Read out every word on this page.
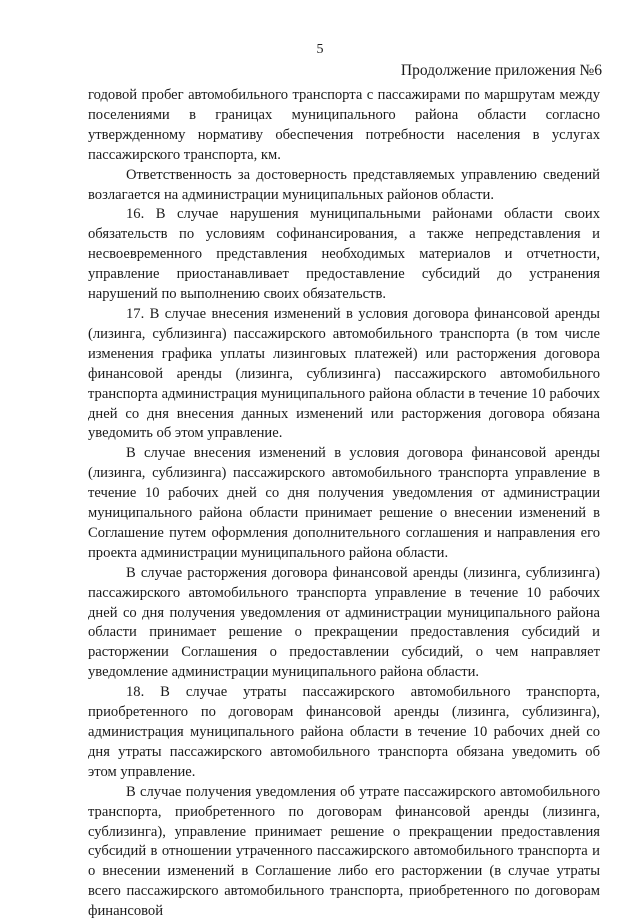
5
Продолжение приложения №6

годовой пробег автомобильного транспорта с пассажирами по маршрутам между поселениями в границах муниципального района области согласно утвержденному нормативу обеспечения потребности населения в услугах пассажирского транспорта, км.

Ответственность за достоверность представляемых управлению сведений возлагается на администрации муниципальных районов области.

16. В случае нарушения муниципальными районами области своих обязательств по условиям софинансирования, а также непредставления и несвоевременного представления необходимых материалов и отчетности, управление приостанавливает предоставление субсидий до устранения нарушений по выполнению своих обязательств.

17. В случае внесения изменений в условия договора финансовой аренды (лизинга, сублизинга) пассажирского автомобильного транспорта (в том числе изменения графика уплаты лизинговых платежей) или расторжения договора финансовой аренды (лизинга, сублизинга) пассажирского автомобильного транспорта администрация муниципального района области в течение 10 рабочих дней со дня внесения данных изменений или расторжения договора обязана уведомить об этом управление.

В случае внесения изменений в условия договора финансовой аренды (лизинга, сублизинга) пассажирского автомобильного транспорта управление в течение 10 рабочих дней со дня получения уведомления от администрации муниципального района области принимает решение о внесении изменений в Соглашение путем оформления дополнительного соглашения и направления его проекта администрации муниципального района области.

В случае расторжения договора финансовой аренды (лизинга, сублизинга) пассажирского автомобильного транспорта управление в течение 10 рабочих дней со дня получения уведомления от администрации муниципального района области принимает решение о прекращении предоставления субсидий и расторжении Соглашения о предоставлении субсидий, о чем направляет уведомление администрации муниципального района области.

18. В случае утраты пассажирского автомобильного транспорта, приобретенного по договорам финансовой аренды (лизинга, сублизинга), администрация муниципального района области в течение 10 рабочих дней со дня утраты пассажирского автомобильного транспорта обязана уведомить об этом управление.

В случае получения уведомления об утрате пассажирского автомобильного транспорта, приобретенного по договорам финансовой аренды (лизинга, сублизинга), управление принимает решение о прекращении предоставления субсидий в отношении утраченного пассажирского автомобильного транспорта и о внесении изменений в Соглашение либо его расторжении (в случае утраты всего пассажирского автомобильного транспорта, приобретенного по договорам финансовой
